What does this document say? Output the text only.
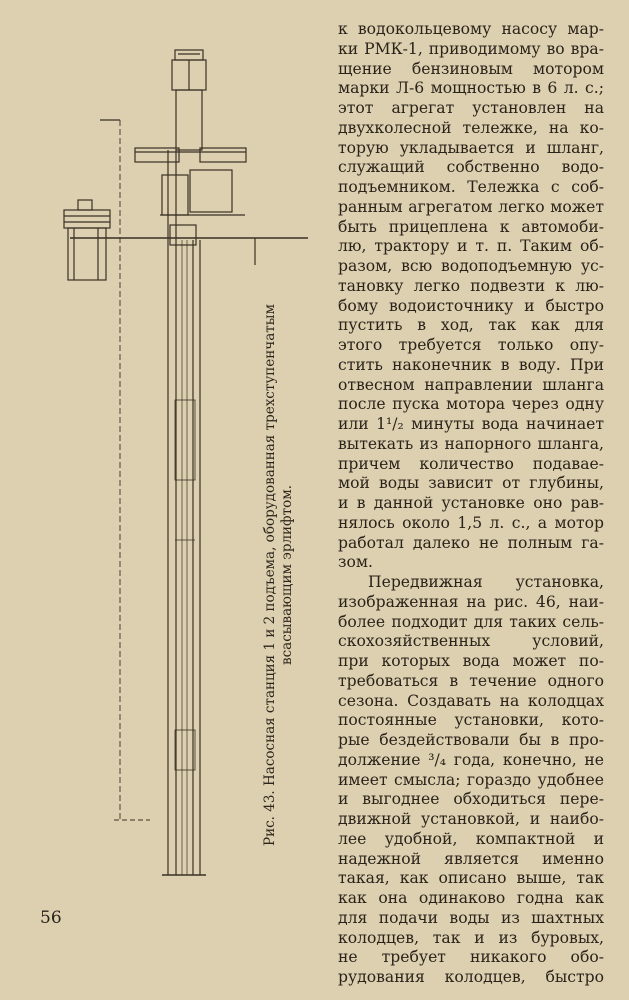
Рис. 43. Насосная станция 1 и 2 подъема, оборудованная трехступенчатым всасывающим эрлифтом.

к водокольцевому насосу мар-
ки РМК-1, приводимому во вра-
щение бензиновым мотором
марки Л-6 мощностью в 6 л. с.;
этот агрегат установлен на
двухколесной тележке, на ко-
торую укладывается и шланг,
служащий собственно водо-
подъемником. Тележка с соб-
ранным агрегатом легко может
быть прицеплена к автомоби-
лю, трактору и т. п. Таким об-
разом, всю водоподъемную ус-
тановку легко подвезти к лю-
бому водоисточнику и быстро
пустить в ход, так как для
этого требуется только опу-
стить наконечник в воду. При
отвесном направлении шланга
после пуска мотора через одну
или 1¹/₂ минуты вода начинает
вытекать из напорного шланга,
причем количество подавае-
мой воды зависит от глубины,
и в данной установке оно рав-
нялось около 1,5 л. с., а мотор
работал далеко не полным га-
зом.

Передвижная установка,
изображенная на рис. 46, наи-
более подходит для таких сель-
скохозяйственных условий,
при которых вода может по-
требоваться в течение одного
сезона. Создавать на колодцах
постоянные установки, кото-
рые бездействовали бы в про-
должение ³/₄ года, конечно, не
имеет смысла; гораздо удобнее
и выгоднее обходиться пере-
движной установкой, и наибо-
лее удобной, компактной и
надежной является именно
такая, как описано выше, так
как она одинаково годна как
для подачи воды из шахтных
колодцев, так и из буровых,
не требует никакого обо-
рудования колодцев, быстро

56
